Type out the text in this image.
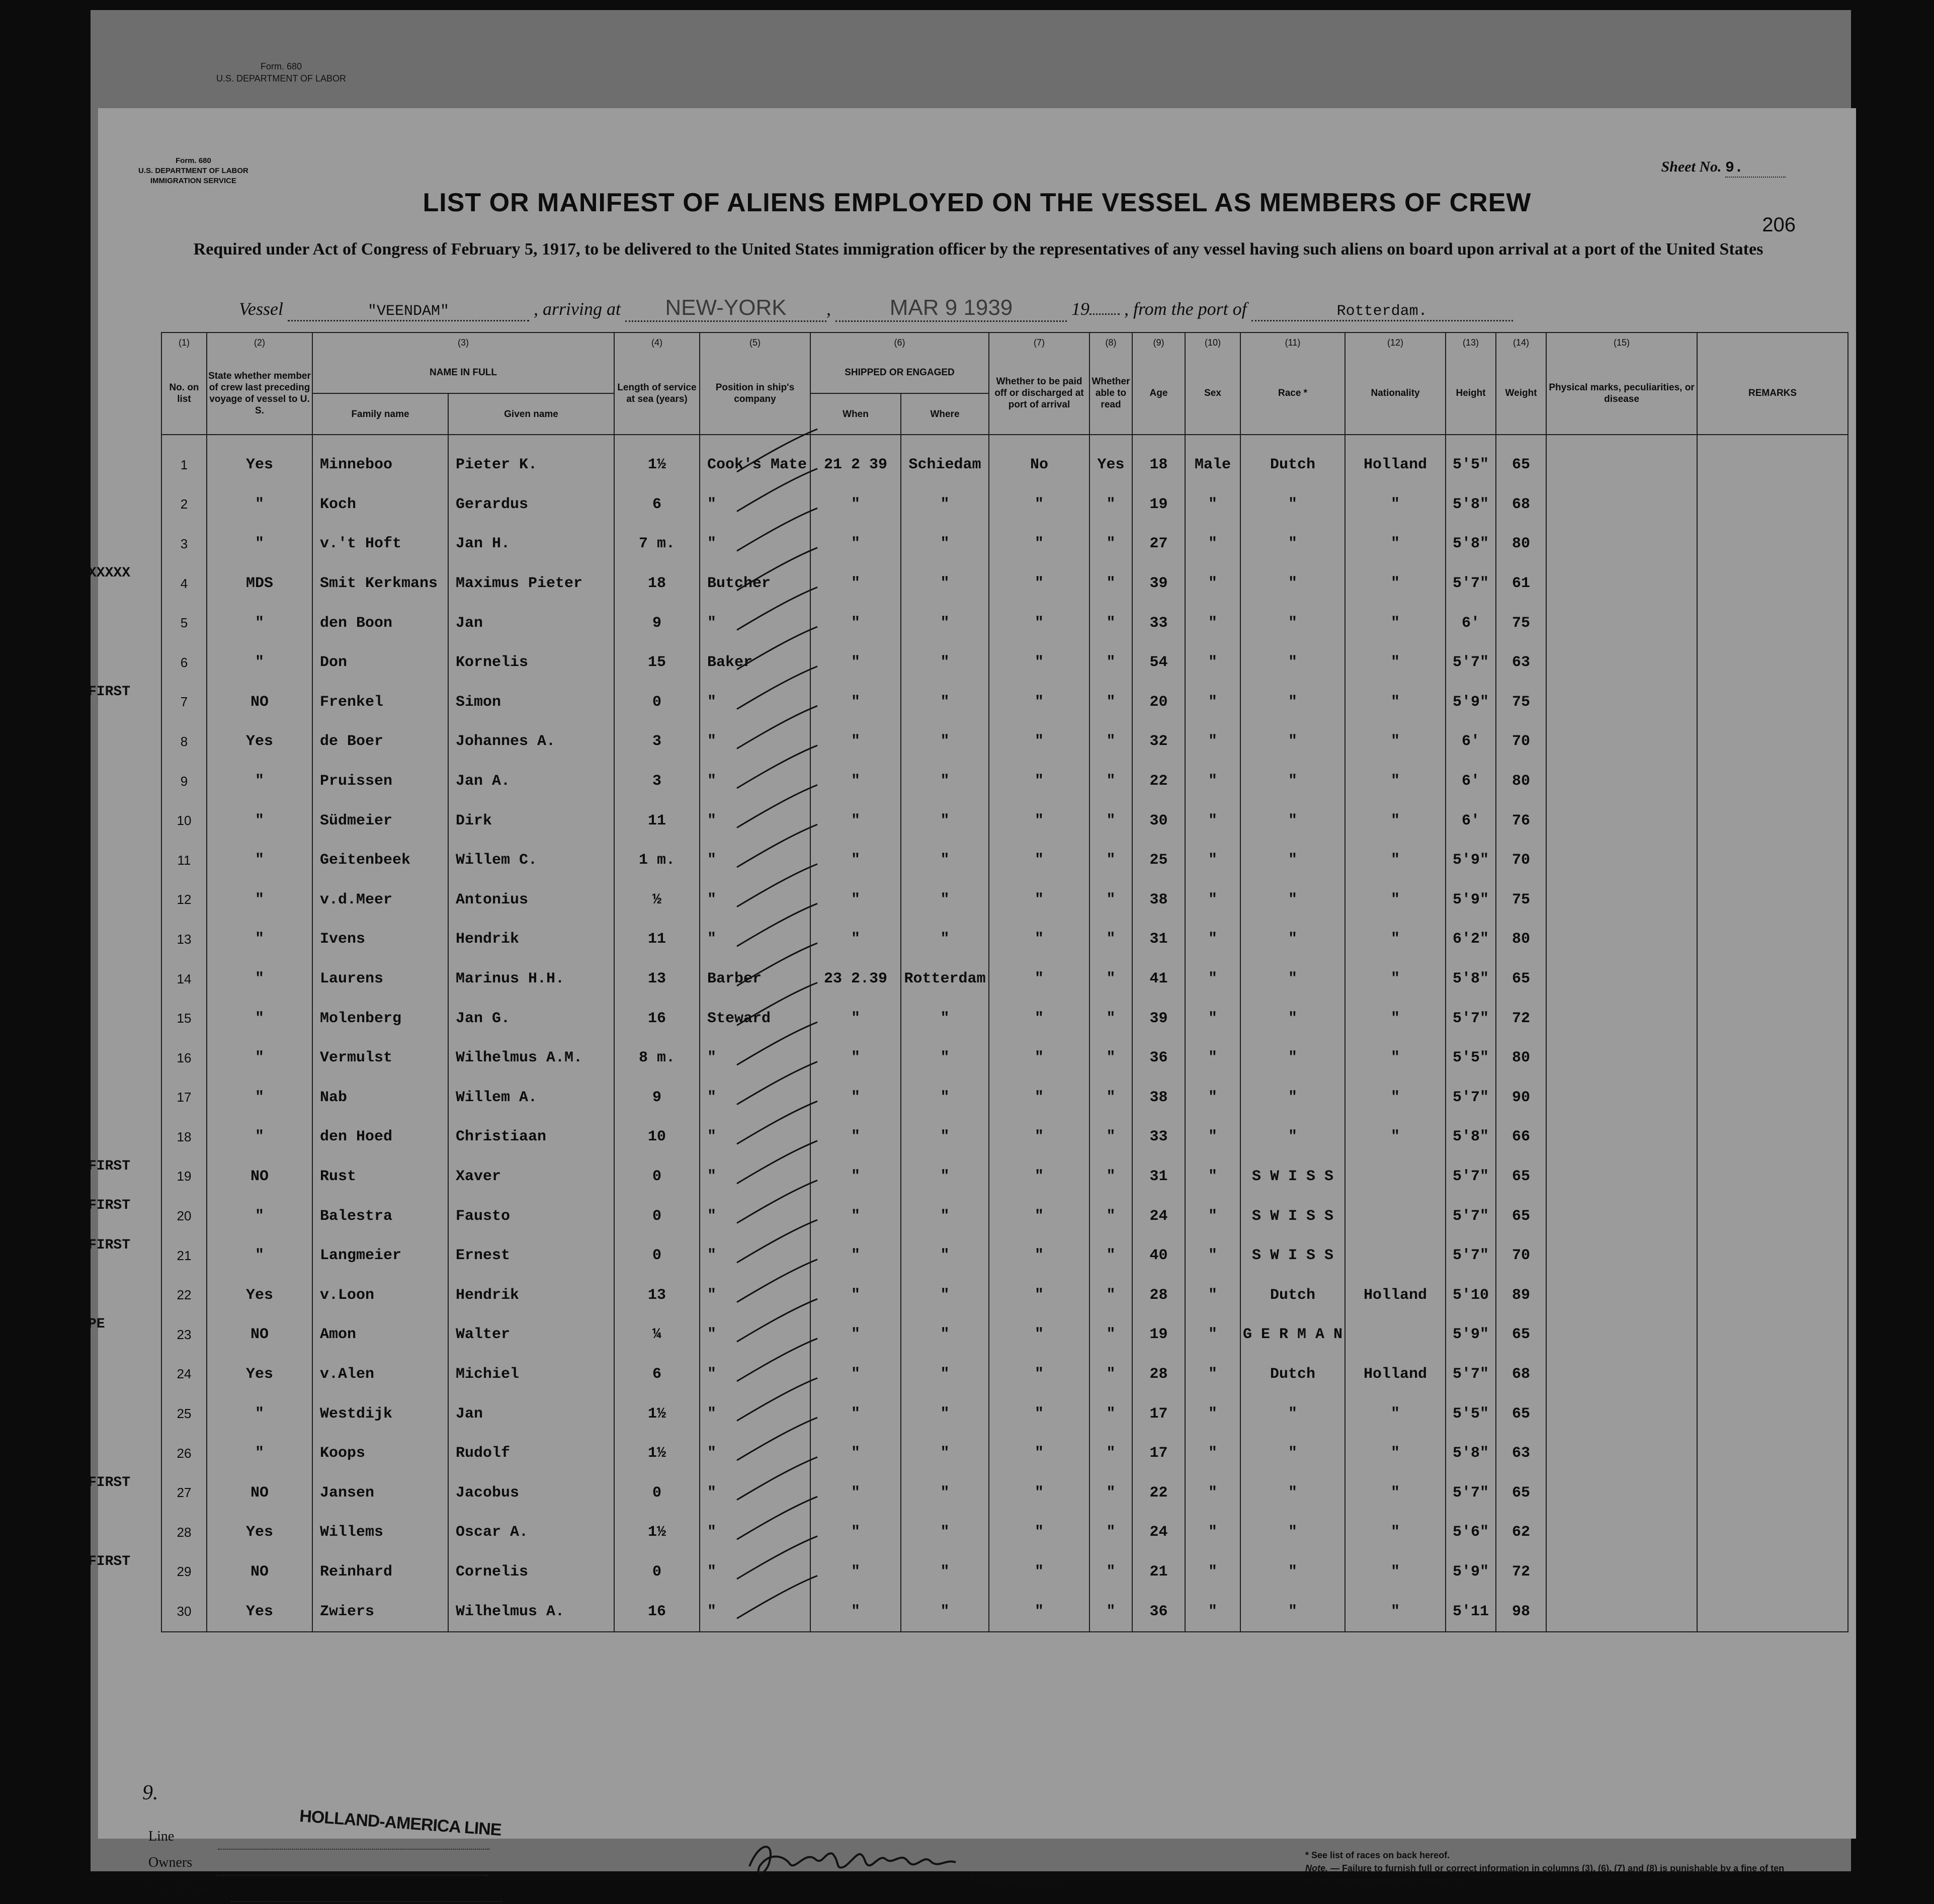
Form. 680
U.S. DEPARTMENT OF LABOR
Form. 680
U.S. DEPARTMENT OF LABOR
IMMIGRATION SERVICE
Sheet No. 9.
206
LIST OR MANIFEST OF ALIENS EMPLOYED ON THE VESSEL AS MEMBERS OF CREW
Required under Act of Congress of February 5, 1917, to be delivered to the United States immigration officer by the representatives of any vessel having such aliens on board upon arrival at a port of the United States
Vessel	"VEENDAM"	, arriving at NEW-YORK , MAR 9 1939	19 , from the port of	Rotterdam.
(1)	(2)	(3)		(4)	(5)	(6)		(7)	(8)	(9)	(10)	(11)	(12)	(13)	(14)	(15)	
No. on list	State whether member of crew last preceding voyage of vessel to U. S.	NAME IN FULL		Length of service at sea (years)	Position in ship's company	SHIPPED OR ENGAGED		Whether to be paid off or discharged at port of arrival	Whether able to read	Age	Sex	Race *	Nationality	Height	Weight	Physical marks, peculiarities, or disease	REMARKS
		Family name	Given name			When	Where										
1	Yes	Minneboo	Pieter K.	1½	Cook's Mate	21 2 39	Schiedam	No	Yes	18	Male	Dutch	Holland	5'5"	65		
2	"	Koch	Gerardus	6	"	"	"	"	"	19	"	"	"	5'8"	68		
3	"	v.'t Hoft	Jan H.	7 m.	"	"	"	"	"	27	"	"	"	5'8"	80		
4	MDS	Smit Kerkmans	Maximus Pieter	18	Butcher	"	"	"	"	39	"	"	"	5'7"	61		
5	"	den Boon	Jan	9	"	"	"	"	"	33	"	"	"	6'	75		
6	"	Don	Kornelis	15	Baker	"	"	"	"	54	"	"	"	5'7"	63		
7	NO	Frenkel	Simon	0	"	"	"	"	"	20	"	"	"	5'9"	75		
8	Yes	de Boer	Johannes A.	3	"	"	"	"	"	32	"	"	"	6'	70		
9	"	Pruissen	Jan A.	3	"	"	"	"	"	22	"	"	"	6'	80		
10	"	Südmeier	Dirk	11	"	"	"	"	"	30	"	"	"	6'	76		
11	"	Geitenbeek	Willem C.	1 m.	"	"	"	"	"	25	"	"	"	5'9"	70		
12	"	v.d.Meer	Antonius	½	"	"	"	"	"	38	"	"	"	5'9"	75		
13	"	Ivens	Hendrik	11	"	"	"	"	"	31	"	"	"	6'2"	80		
14	"	Laurens	Marinus H.H.	13	Barber	23 2.39	Rotterdam	"	"	41	"	"	"	5'8"	65		
15	"	Molenberg	Jan G.	16	Steward	"	"	"	"	39	"	"	"	5'7"	72		
16	"	Vermulst	Wilhelmus A.M.	8 m.	"	"	"	"	"	36	"	"	"	5'5"	80		
17	"	Nab	Willem A.	9	"	"	"	"	"	38	"	"	"	5'7"	90		
18	"	den Hoed	Christiaan	10	"	"	"	"	"	33	"	"	"	5'8"	66		
19	NO	Rust	Xaver	0	"	"	"	"	"	31	"	S W I S S		5'7"	65		
20	"	Balestra	Fausto	0	"	"	"	"	"	24	"	S W I S S		5'7"	65		
21	"	Langmeier	Ernest	0	"	"	"	"	"	40	"	S W I S S		5'7"	70		
22	Yes	v.Loon	Hendrik	13	"	"	"	"	"	28	"	Dutch	Holland	5'10	89		
23	NO	Amon	Walter	¼	"	"	"	"	"	19	"	G E R M A N		5'9"	65		
24	Yes	v.Alen	Michiel	6	"	"	"	"	"	28	"	Dutch	Holland	5'7"	68		
25	"	Westdijk	Jan	1½	"	"	"	"	"	17	"	"	"	5'5"	65		
26	"	Koops	Rudolf	1½	"	"	"	"	"	17	"	"	"	5'8"	63		
27	NO	Jansen	Jacobus	0	"	"	"	"	"	22	"	"	"	5'7"	65		
28	Yes	Willems	Oscar A.	1½	"	"	"	"	"	24	"	"	"	5'6"	62		
29	NO	Reinhard	Cornelis	0	"	"	"	"	"	21	"	"	"	5'9"	72		
30	Yes	Zwiers	Wilhelmus A.	16	"	"	"	"	"	36	"	"	"	5'11	98		
XXXXX
FIRST
FIRST
FIRST
FIRST
PE
FIRST
FIRST
9.
Line
Owners
Local Agents
HOLLAND-AMERICA LINE
Immigrant Inspector.
* See list of races on back hereof.
Note. — Failure to furnish full or correct information in columns (3), (6), (7) and (8) is punishable by a fine of ten dollars for each alien. See other side.
